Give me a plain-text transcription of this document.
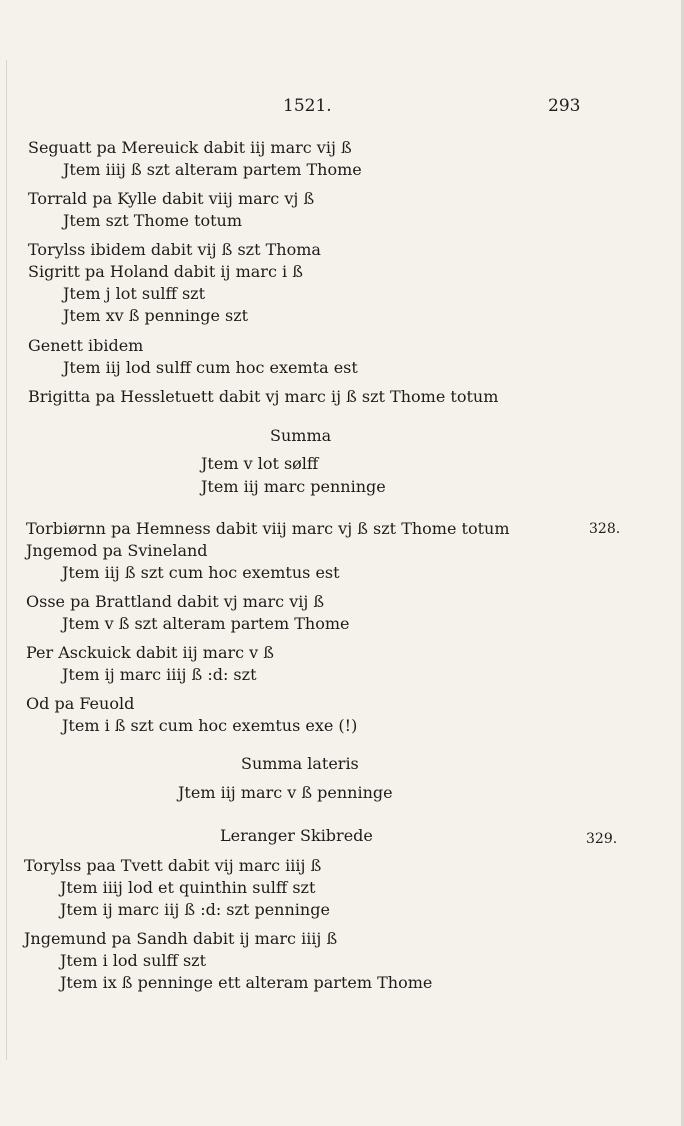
1521.	293
Seguatt pa Mereuick dabit iij marc vij ß
Jtem iiij ß szt alteram partem Thome
Torrald pa Kylle dabit viij marc vj ß
Jtem szt Thome totum
Torylss ibidem dabit vij ß szt Thoma
Sigritt pa Holand dabit ij marc i ß
Jtem j lot sulff szt
Jtem xv ß penninge szt
Genett ibidem
Jtem iij lod sulff cum hoc exemta est
Brigitta pa Hessletuett dabit vj marc ij ß szt Thome totum
Summa
Jtem v lot sølff
Jtem iij marc penninge
Torbiørnn pa Hemness dabit viij marc vj ß szt Thome totum	328.
Jngemod pa Svineland
Jtem iij ß szt cum hoc exemtus est
Osse pa Brattland dabit vj marc vij ß
Jtem v ß szt alteram partem Thome
Per Asckuick dabit iij marc v ß
Jtem ij marc iiij ß :d: szt
Od pa Feuold
Jtem i ß szt cum hoc exemtus exe (!)
Summa lateris
Jtem iij marc v ß penninge
Leranger Skibrede	329.
Torylss paa Tvett dabit vij marc iiij ß
Jtem iiij lod et quinthin sulff szt
Jtem ij marc iij ß :d: szt penninge
Jngemund pa Sandh dabit ij marc iiij ß
Jtem i lod sulff szt
Jtem ix ß penninge ett alteram partem Thome
